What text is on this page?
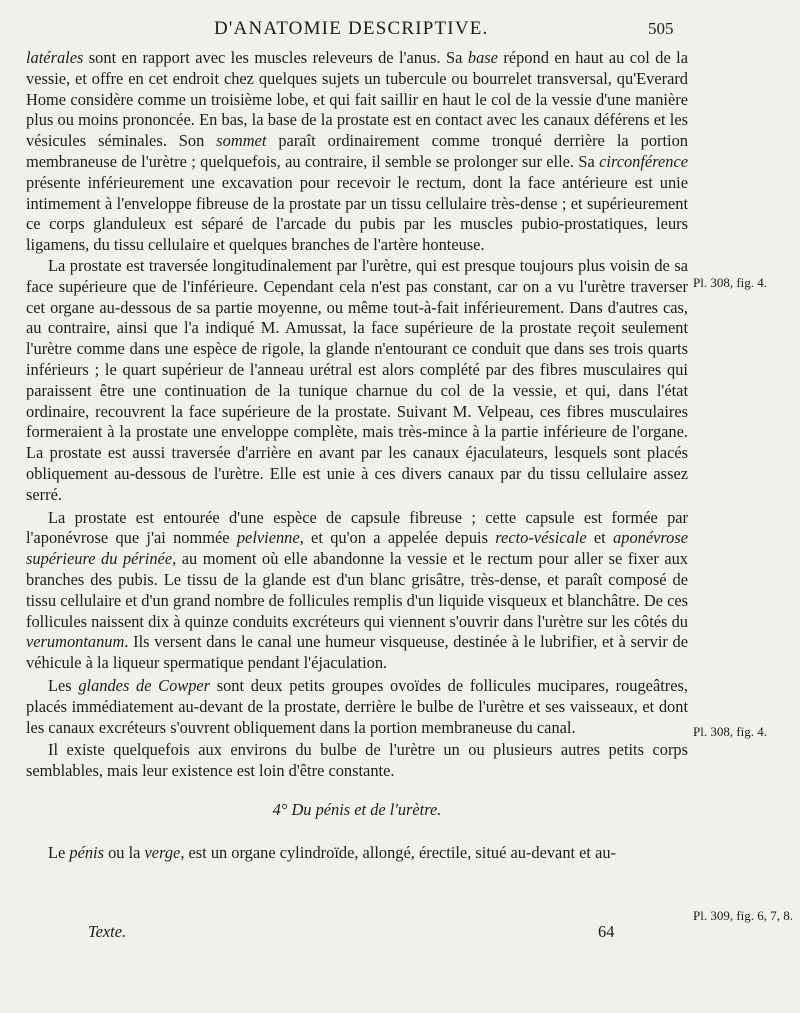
D'ANATOMIE DESCRIPTIVE.	505

latérales sont en rapport avec les muscles releveurs de l'anus. Sa base répond en haut au col de la vessie, et offre en cet endroit chez quelques sujets un tubercule ou bourrelet transversal, qu'Everard Home considère comme un troisième lobe, et qui fait saillir en haut le col de la vessie d'une manière plus ou moins prononcée. En bas, la base de la prostate est en contact avec les canaux déférens et les vésicules séminales. Son sommet paraît ordinairement comme tronqué derrière la portion membraneuse de l'urètre ; quelquefois, au contraire, il semble se prolonger sur elle. Sa circonférence présente inférieurement une excavation pour recevoir le rectum, dont la face antérieure est unie intimement à l'enveloppe fibreuse de la prostate par un tissu cellulaire très-dense ; et supérieurement ce corps glanduleux est séparé de l'arcade du pubis par les muscles pubio-prostatiques, leurs ligamens, du tissu cellulaire et quelques branches de l'artère honteuse.

La prostate est traversée longitudinalement par l'urètre, qui est presque toujours plus voisin de sa face supérieure que de l'inférieure. Cependant cela n'est pas constant, car on a vu l'urètre traverser cet organe au-dessous de sa partie moyenne, ou même tout-à-fait inférieurement. Dans d'autres cas, au contraire, ainsi que l'a indiqué M. Amussat, la face supérieure de la prostate reçoit seulement l'urètre comme dans une espèce de rigole, la glande n'entourant ce conduit que dans ses trois quarts inférieurs ; le quart supérieur de l'anneau urétral est alors complété par des fibres musculaires qui paraissent être une continuation de la tunique charnue du col de la vessie, et qui, dans l'état ordinaire, recouvrent la face supérieure de la prostate. Suivant M. Velpeau, ces fibres musculaires formeraient à la prostate une enveloppe complète, mais très-mince à la partie inférieure de l'organe. La prostate est aussi traversée d'arrière en avant par les canaux éjaculateurs, lesquels sont placés obliquement au-dessous de l'urètre. Elle est unie à ces divers canaux par du tissu cellulaire assez serré.

La prostate est entourée d'une espèce de capsule fibreuse ; cette capsule est formée par l'aponévrose que j'ai nommée pelvienne, et qu'on a appelée depuis recto-vésicale et aponévrose supérieure du périnée, au moment où elle abandonne la vessie et le rectum pour aller se fixer aux branches des pubis. Le tissu de la glande est d'un blanc grisâtre, très-dense, et paraît composé de tissu cellulaire et d'un grand nombre de follicules remplis d'un liquide visqueux et blanchâtre. De ces follicules naissent dix à quinze conduits excréteurs qui viennent s'ouvrir dans l'urètre sur les côtés du verumontanum. Ils versent dans le canal une humeur visqueuse, destinée à le lubrifier, et à servir de véhicule à la liqueur spermatique pendant l'éjaculation.

Les glandes de Cowper sont deux petits groupes ovoïdes de follicules mucipares, rougeâtres, placés immédiatement au-devant de la prostate, derrière le bulbe de l'urètre et ses vaisseaux, et dont les canaux excréteurs s'ouvrent obliquement dans la portion membraneuse du canal.

Il existe quelquefois aux environs du bulbe de l'urètre un ou plusieurs autres petits corps semblables, mais leur existence est loin d'être constante.

4° Du pénis et de l'urètre.

Le pénis ou la verge, est un organe cylindroïde, allongé, érectile, situé au-devant et au-

Pl. 308, fig. 4.
Pl. 308, fig. 4.
Pl. 309, fig. 6, 7, 8.
Texte.	64
